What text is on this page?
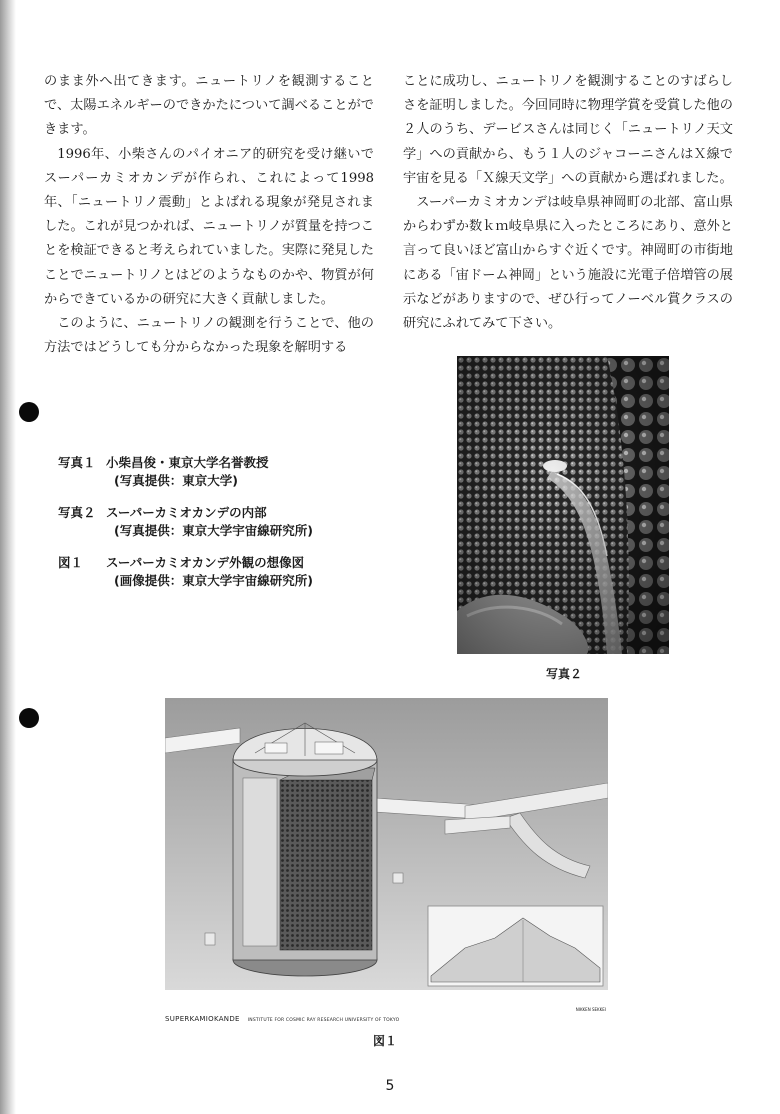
のまま外へ出てきます。ニュートリノを観測することで、太陽エネルギーのできかたについて調べることができます。

1996年、小柴さんのパイオニア的研究を受け継いでスーパーカミオカンデが作られ、これによって1998年、「ニュートリノ震動」とよばれる現象が発見されました。これが見つかれば、ニュートリノが質量を持つことを検証できると考えられていました。実際に発見したことでニュートリノとはどのようなものかや、物質が何からできているかの研究に大きく貢献しました。

このように、ニュートリノの観測を行うことで、他の方法ではどうしても分からなかった現象を解明する

ことに成功し、ニュートリノを観測することのすばらしさを証明しました。今回同時に物理学賞を受賞した他の２人のうち、デービスさんは同じく「ニュートリノ天文学」への貢献から、もう１人のジャコーニさんはＸ線で宇宙を見る「Ｘ線天文学」への貢献から選ばれました。

スーパーカミオカンデは岐阜県神岡町の北部、富山県からわずか数ｋｍ岐阜県に入ったところにあり、意外と言って良いほど富山からすぐ近くです。神岡町の市街地にある「宙ドーム神岡」という施設に光電子倍増管の展示などがありますので、ぜひ行ってノーベル賞クラスの研究にふれてみて下さい。

写真１ 小柴昌俊・東京大学名誉教授
(写真提供：東京大学)
写真２ スーパーカミオカンデの内部
(写真提供：東京大学宇宙線研究所)
図１	スーパーカミオカンデ外観の想像図
(画像提供：東京大学宇宙線研究所)
写真２
SUPERKAMIOKANDE INSTITUTE FOR COSMIC RAY RESEARCH UNIVERSITY OF TOKYO
NIKKEN SEKKEI
図１
5
